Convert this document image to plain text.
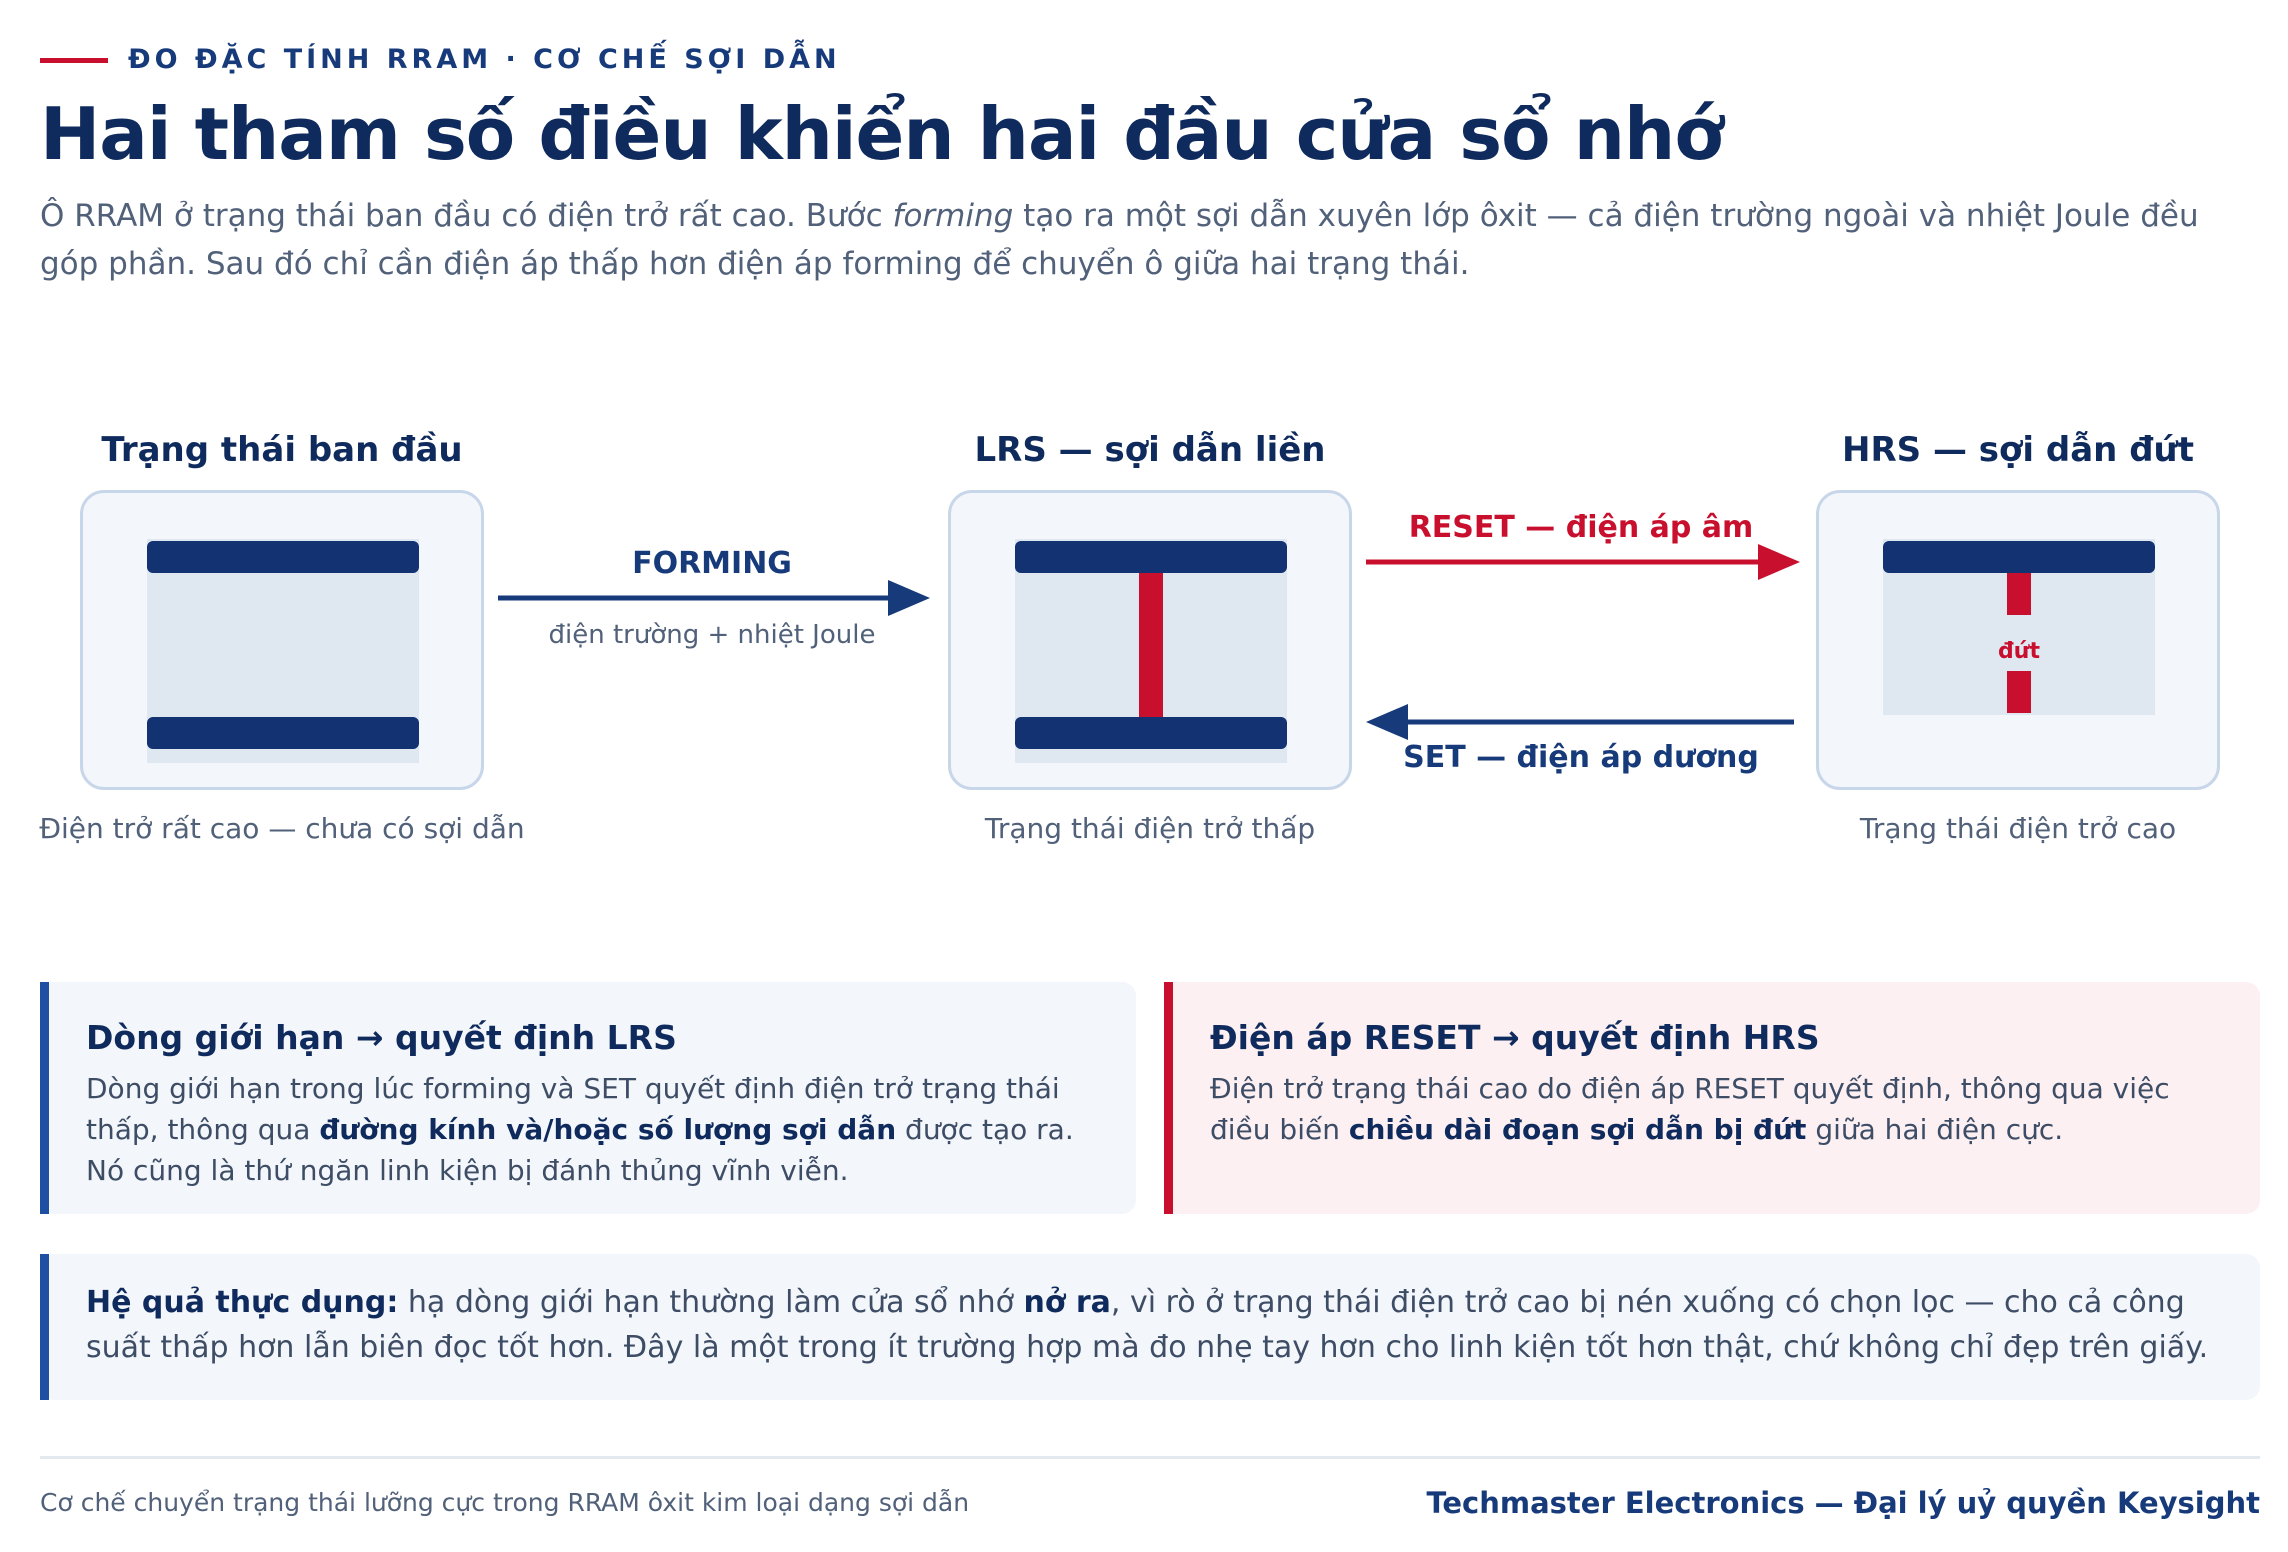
ĐO ĐẶC TÍNH RRAM · CƠ CHẾ SỢI DẪN
Hai tham số điều khiển hai đầu cửa sổ nhớ

Ô RRAM ở trạng thái ban đầu có điện trở rất cao. Bước forming tạo ra một sợi dẫn xuyên lớp ôxit — cả điện trường ngoài và nhiệt Joule đều góp phần. Sau đó chỉ cần điện áp thấp hơn điện áp forming để chuyển ô giữa hai trạng thái.

Trạng thái ban đầu
Điện trở rất cao — chưa có sợi dẫn
LRS — sợi dẫn liền
Trạng thái điện trở thấp
HRS — sợi dẫn đứt
đứt
Trạng thái điện trở cao
FORMING
điện trường + nhiệt Joule
RESET — điện áp âm
SET — điện áp dương
Dòng giới hạn → quyết định LRS

Dòng giới hạn trong lúc forming và SET quyết định điện trở trạng thái thấp, thông qua đường kính và/hoặc số lượng sợi dẫn được tạo ra. Nó cũng là thứ ngăn linh kiện bị đánh thủng vĩnh viễn.

Điện áp RESET → quyết định HRS

Điện trở trạng thái cao do điện áp RESET quyết định, thông qua việc điều biến chiều dài đoạn sợi dẫn bị đứt giữa hai điện cực.

Hệ quả thực dụng: hạ dòng giới hạn thường làm cửa sổ nhớ nở ra, vì rò ở trạng thái điện trở cao bị nén xuống có chọn lọc — cho cả công suất thấp hơn lẫn biên đọc tốt hơn. Đây là một trong ít trường hợp mà đo nhẹ tay hơn cho linh kiện tốt hơn thật, chứ không chỉ đẹp trên giấy.

Cơ chế chuyển trạng thái lưỡng cực trong RRAM ôxit kim loại dạng sợi dẫn	Techmaster Electronics — Đại lý uỷ quyền Keysight
